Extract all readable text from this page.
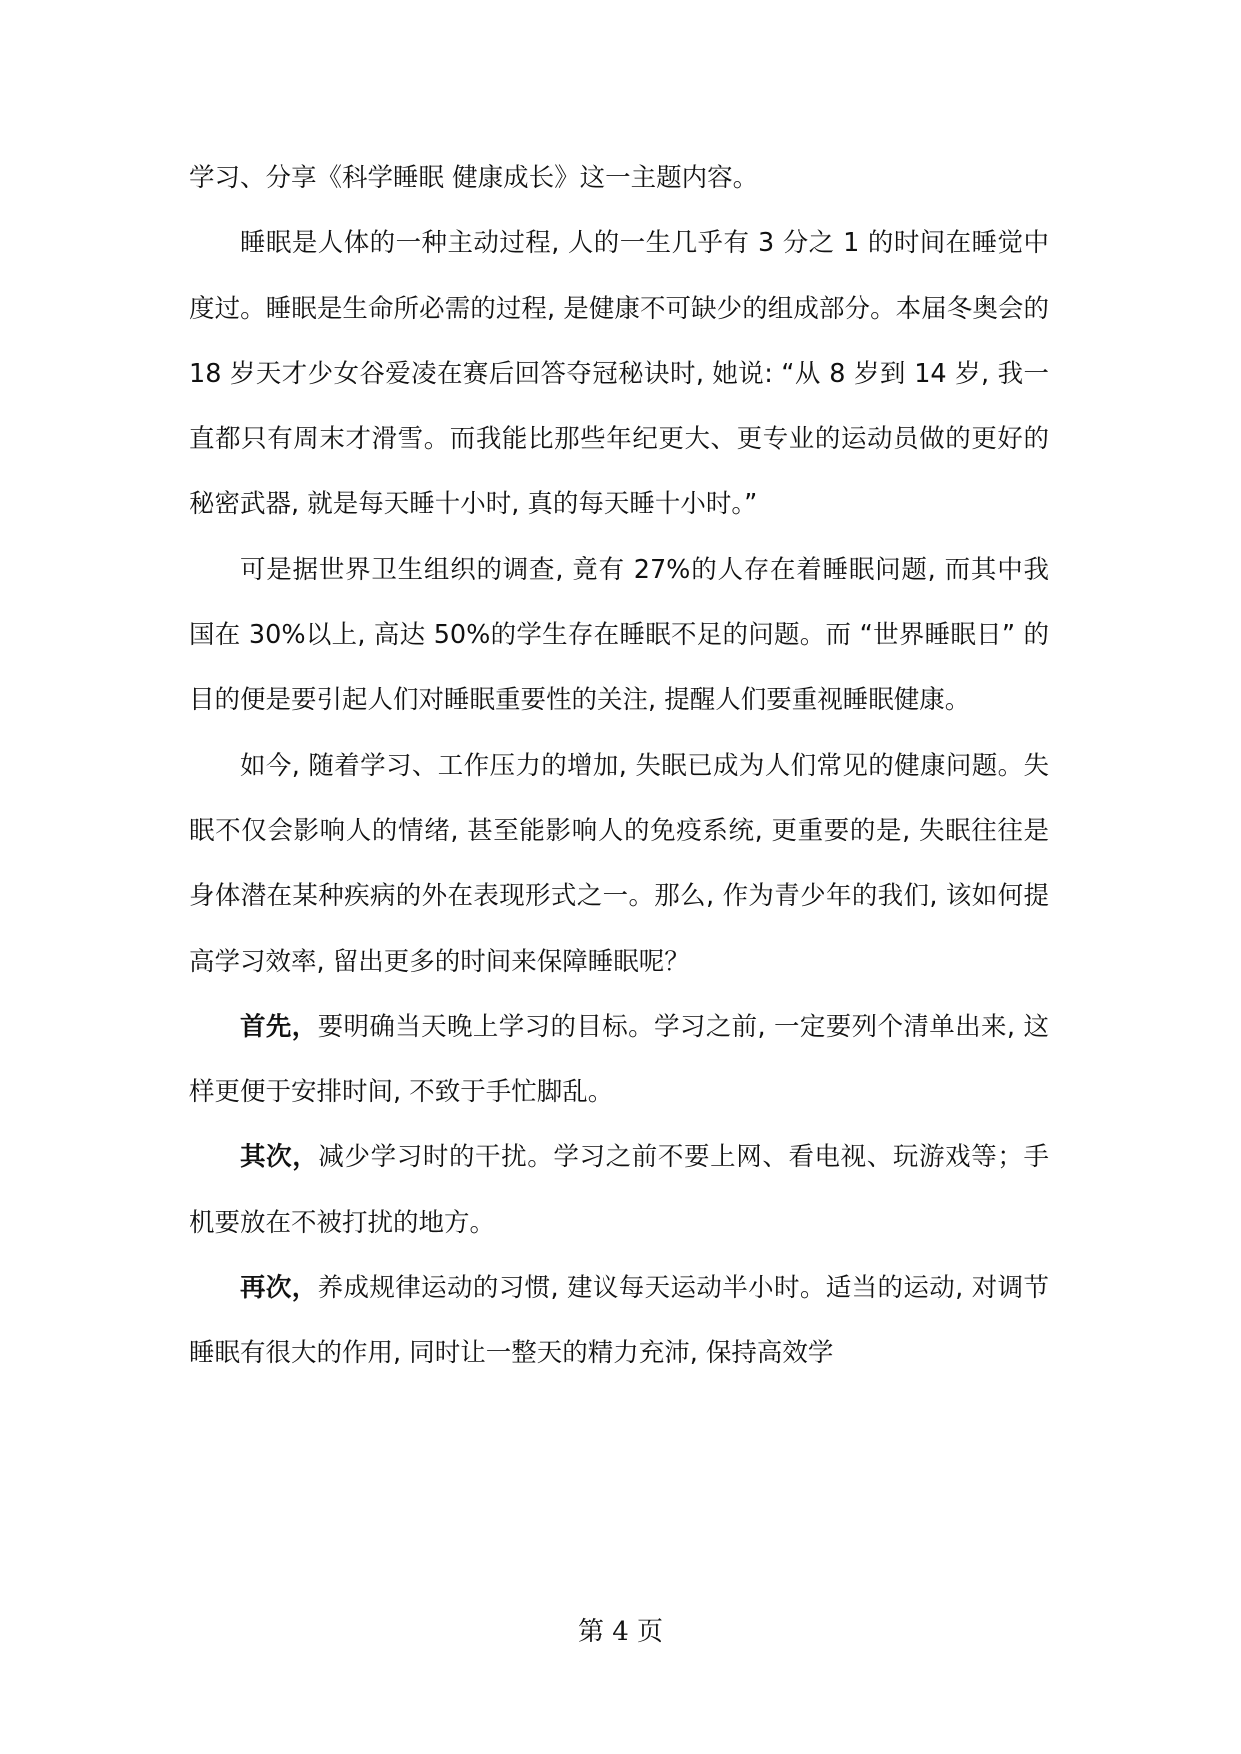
学习、分享《科学睡眠 健康成长》这一主题内容。

睡眠是人体的一种主动过程, 人的一生几乎有 3 分之 1 的时间在睡觉中度过。睡眠是生命所必需的过程, 是健康不可缺少的组成部分。本届冬奥会的 18 岁天才少女谷爱凌在赛后回答夺冠秘诀时, 她说: “从 8 岁到 14 岁, 我一直都只有周末才滑雪。而我能比那些年纪更大、更专业的运动员做的更好的秘密武器, 就是每天睡十小时, 真的每天睡十小时。”

可是据世界卫生组织的调查, 竟有 27%的人存在着睡眠问题, 而其中我国在 30%以上, 高达 50%的学生存在睡眠不足的问题。而 “世界睡眠日” 的目的便是要引起人们对睡眠重要性的关注, 提醒人们要重视睡眠健康。

如今, 随着学习、工作压力的增加, 失眠已成为人们常见的健康问题。失眠不仅会影响人的情绪, 甚至能影响人的免疫系统, 更重要的是, 失眠往往是身体潜在某种疾病的外在表现形式之一。那么, 作为青少年的我们, 该如何提高学习效率, 留出更多的时间来保障睡眠呢？

首先，要明确当天晚上学习的目标。学习之前, 一定要列个清单出来, 这样更便于安排时间, 不致于手忙脚乱。

其次，减少学习时的干扰。学习之前不要上网、看电视、玩游戏等；手机要放在不被打扰的地方。

再次，养成规律运动的习惯, 建议每天运动半小时。适当的运动, 对调节睡眠有很大的作用, 同时让一整天的精力充沛, 保持高效学

第 4 页
